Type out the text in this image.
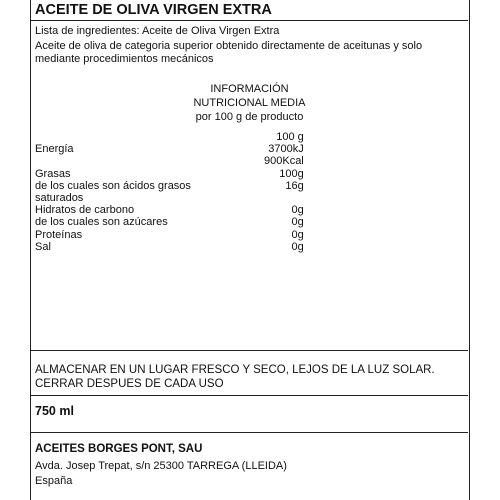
ACEITE DE OLIVA VIRGEN EXTRA
Lista de ingredientes: Aceite de Oliva Virgen Extra
Aceite de oliva de categoria superior obtenido directamente de aceitunas y solo
mediante procedimientos mecánicos
INFORMACIÓN
NUTRICIONAL MEDIA
por 100 g de producto
	100 g
Energía	3700kJ
	900Kcal
Grasas	100g
de los cuales son ácidos grasos	16g
saturados	
Hidratos de carbono	0g
de los cuales son azúcares	0g
Proteínas	0g
Sal	0g
ALMACENAR EN UN LUGAR FRESCO Y SECO, LEJOS DE LA LUZ SOLAR.
CERRAR DESPUES DE CADA USO
750 ml
ACEITES BORGES PONT, SAU
Avda. Josep Trepat, s/n 25300 TARREGA (LLEIDA)
España
